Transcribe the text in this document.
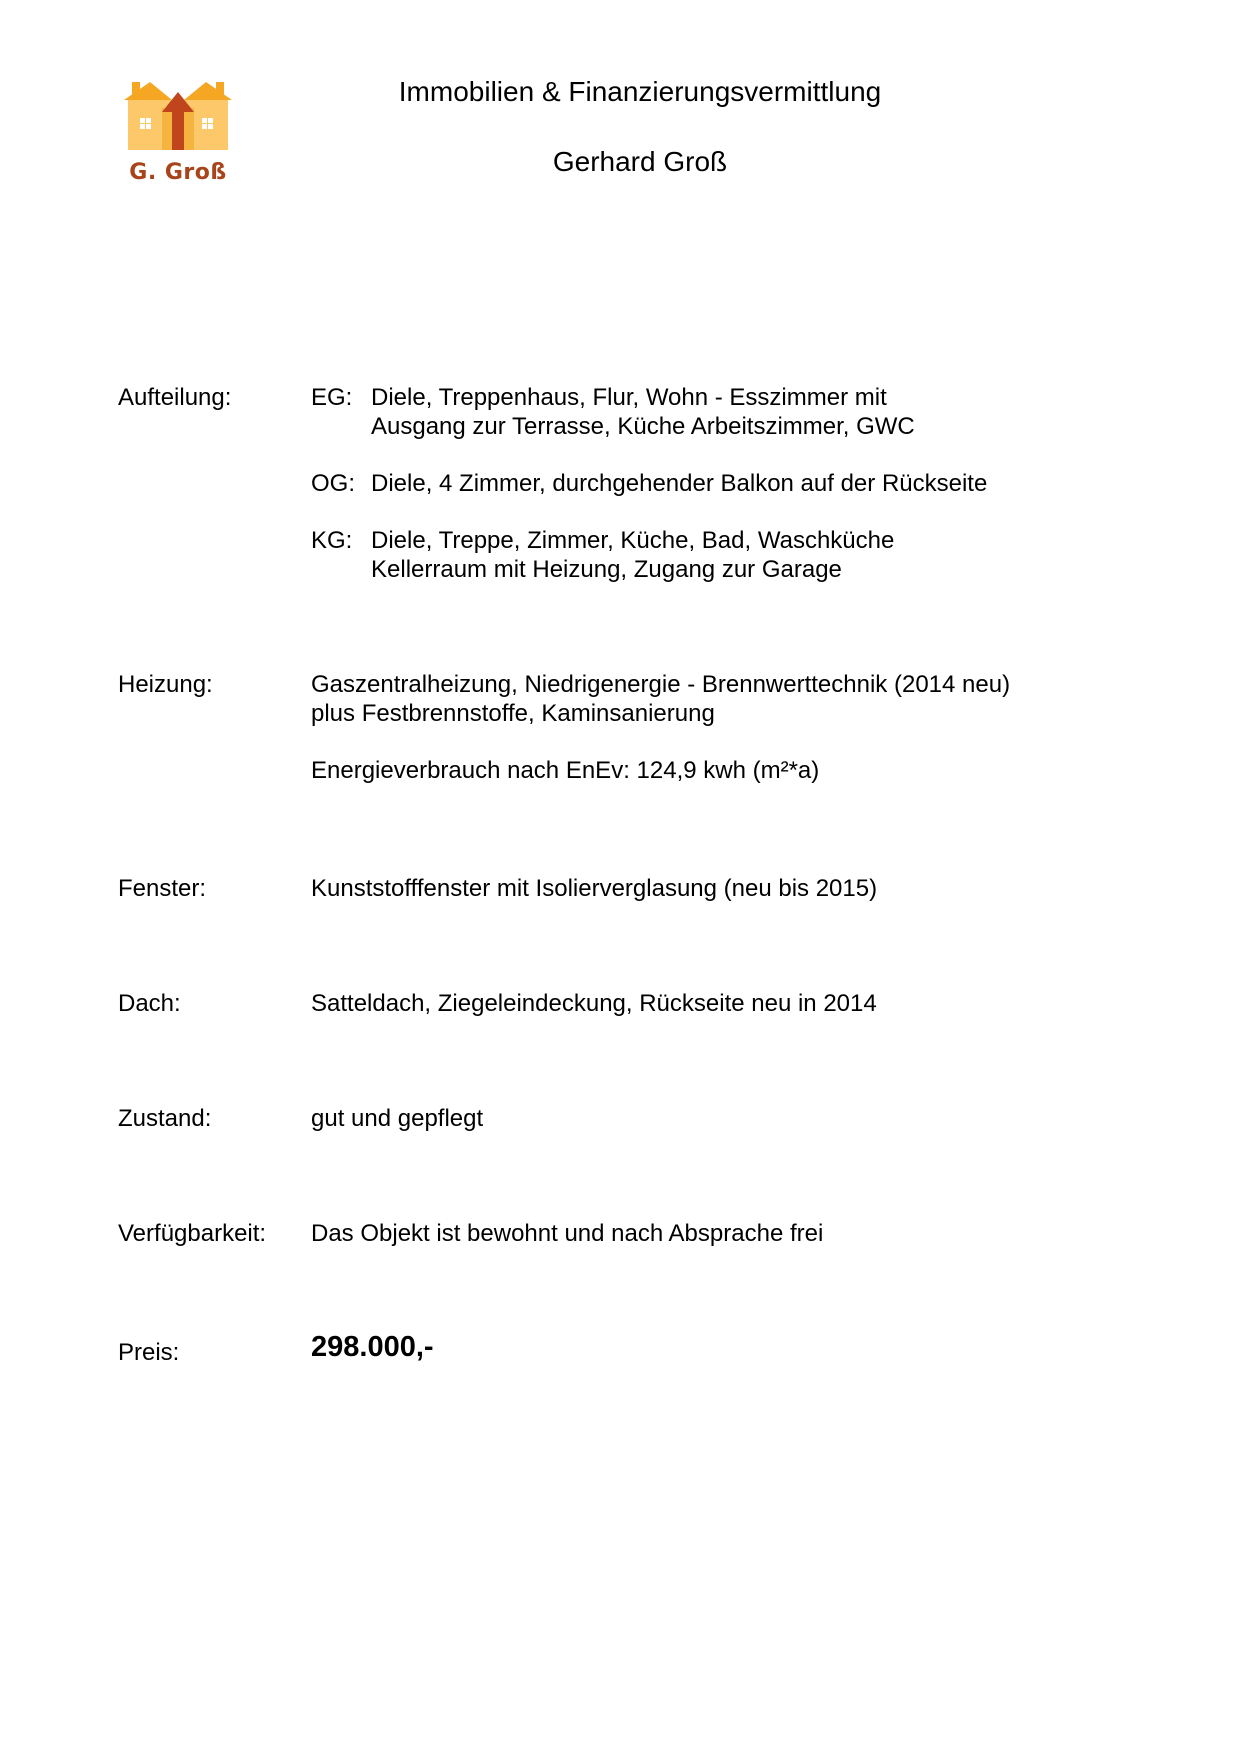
G. Groß
Immobilien & Finanzierungsvermittlung
Gerhard Groß
Aufteilung:	EG: Diele, Treppenhaus, Flur, Wohn - Esszimmer mit
Ausgang zur Terrasse, Küche Arbeitszimmer, GWC
OG: Diele, 4 Zimmer, durchgehender Balkon auf der Rückseite
KG: Diele, Treppe, Zimmer, Küche, Bad, Waschküche
Kellerraum mit Heizung, Zugang zur Garage
Heizung:	Gaszentralheizung, Niedrigenergie - Brennwerttechnik (2014 neu)
plus Festbrennstoffe, Kaminsanierung
Energieverbrauch nach EnEv: 124,9 kwh (m²*a)
Fenster:	Kunststofffenster mit Isolierverglasung (neu bis 2015)
Dach:	Satteldach, Ziegeleindeckung, Rückseite neu in 2014
Zustand:	gut und gepflegt
Verfügbarkeit: Das Objekt ist bewohnt und nach Absprache frei
Preis:	298.000,-
